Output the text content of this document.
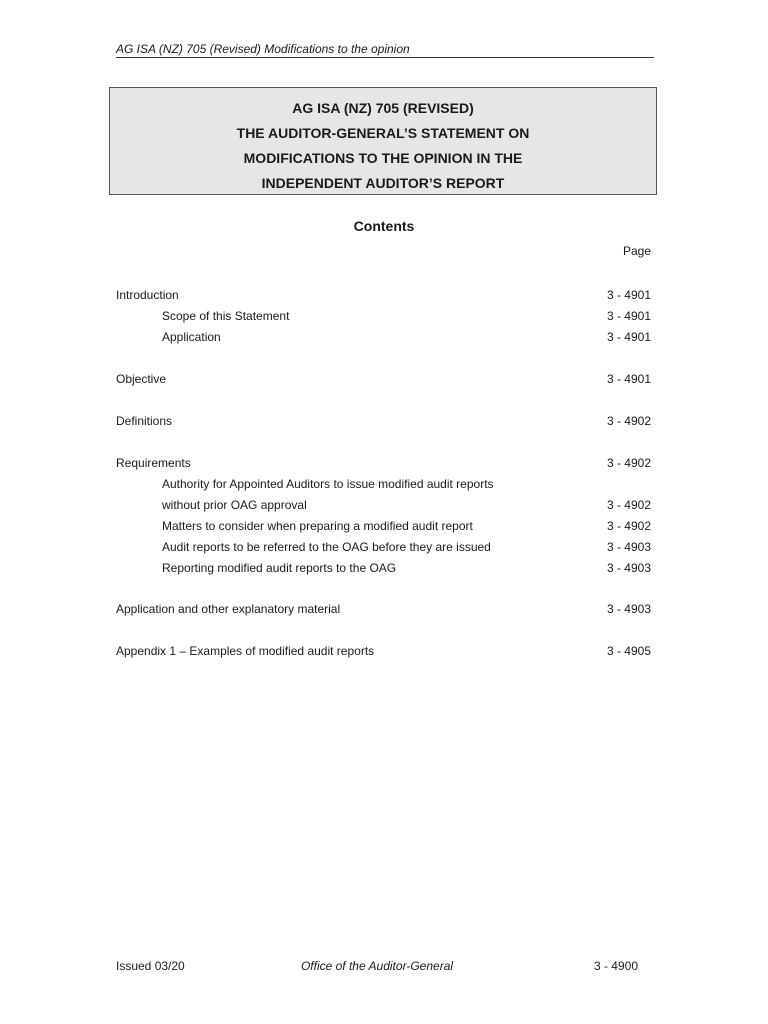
AG ISA (NZ) 705 (Revised) Modifications to the opinion
AG ISA (NZ) 705 (REVISED)
THE AUDITOR-GENERAL’S STATEMENT ON
MODIFICATIONS TO THE OPINION IN THE
INDEPENDENT AUDITOR’S REPORT
Contents
Page
Introduction	3 - 4901
Scope of this Statement	3 - 4901
Application	3 - 4901
Objective	3 - 4901
Definitions	3 - 4902
Requirements	3 - 4902
Authority for Appointed Auditors to issue modified audit reports
without prior OAG approval	3 - 4902
Matters to consider when preparing a modified audit report	3 - 4902
Audit reports to be referred to the OAG before they are issued	3 - 4903
Reporting modified audit reports to the OAG	3 - 4903
Application and other explanatory material	3 - 4903
Appendix 1 – Examples of modified audit reports	3 - 4905
Issued 03/20	Office of the Auditor-General	3 - 4900
